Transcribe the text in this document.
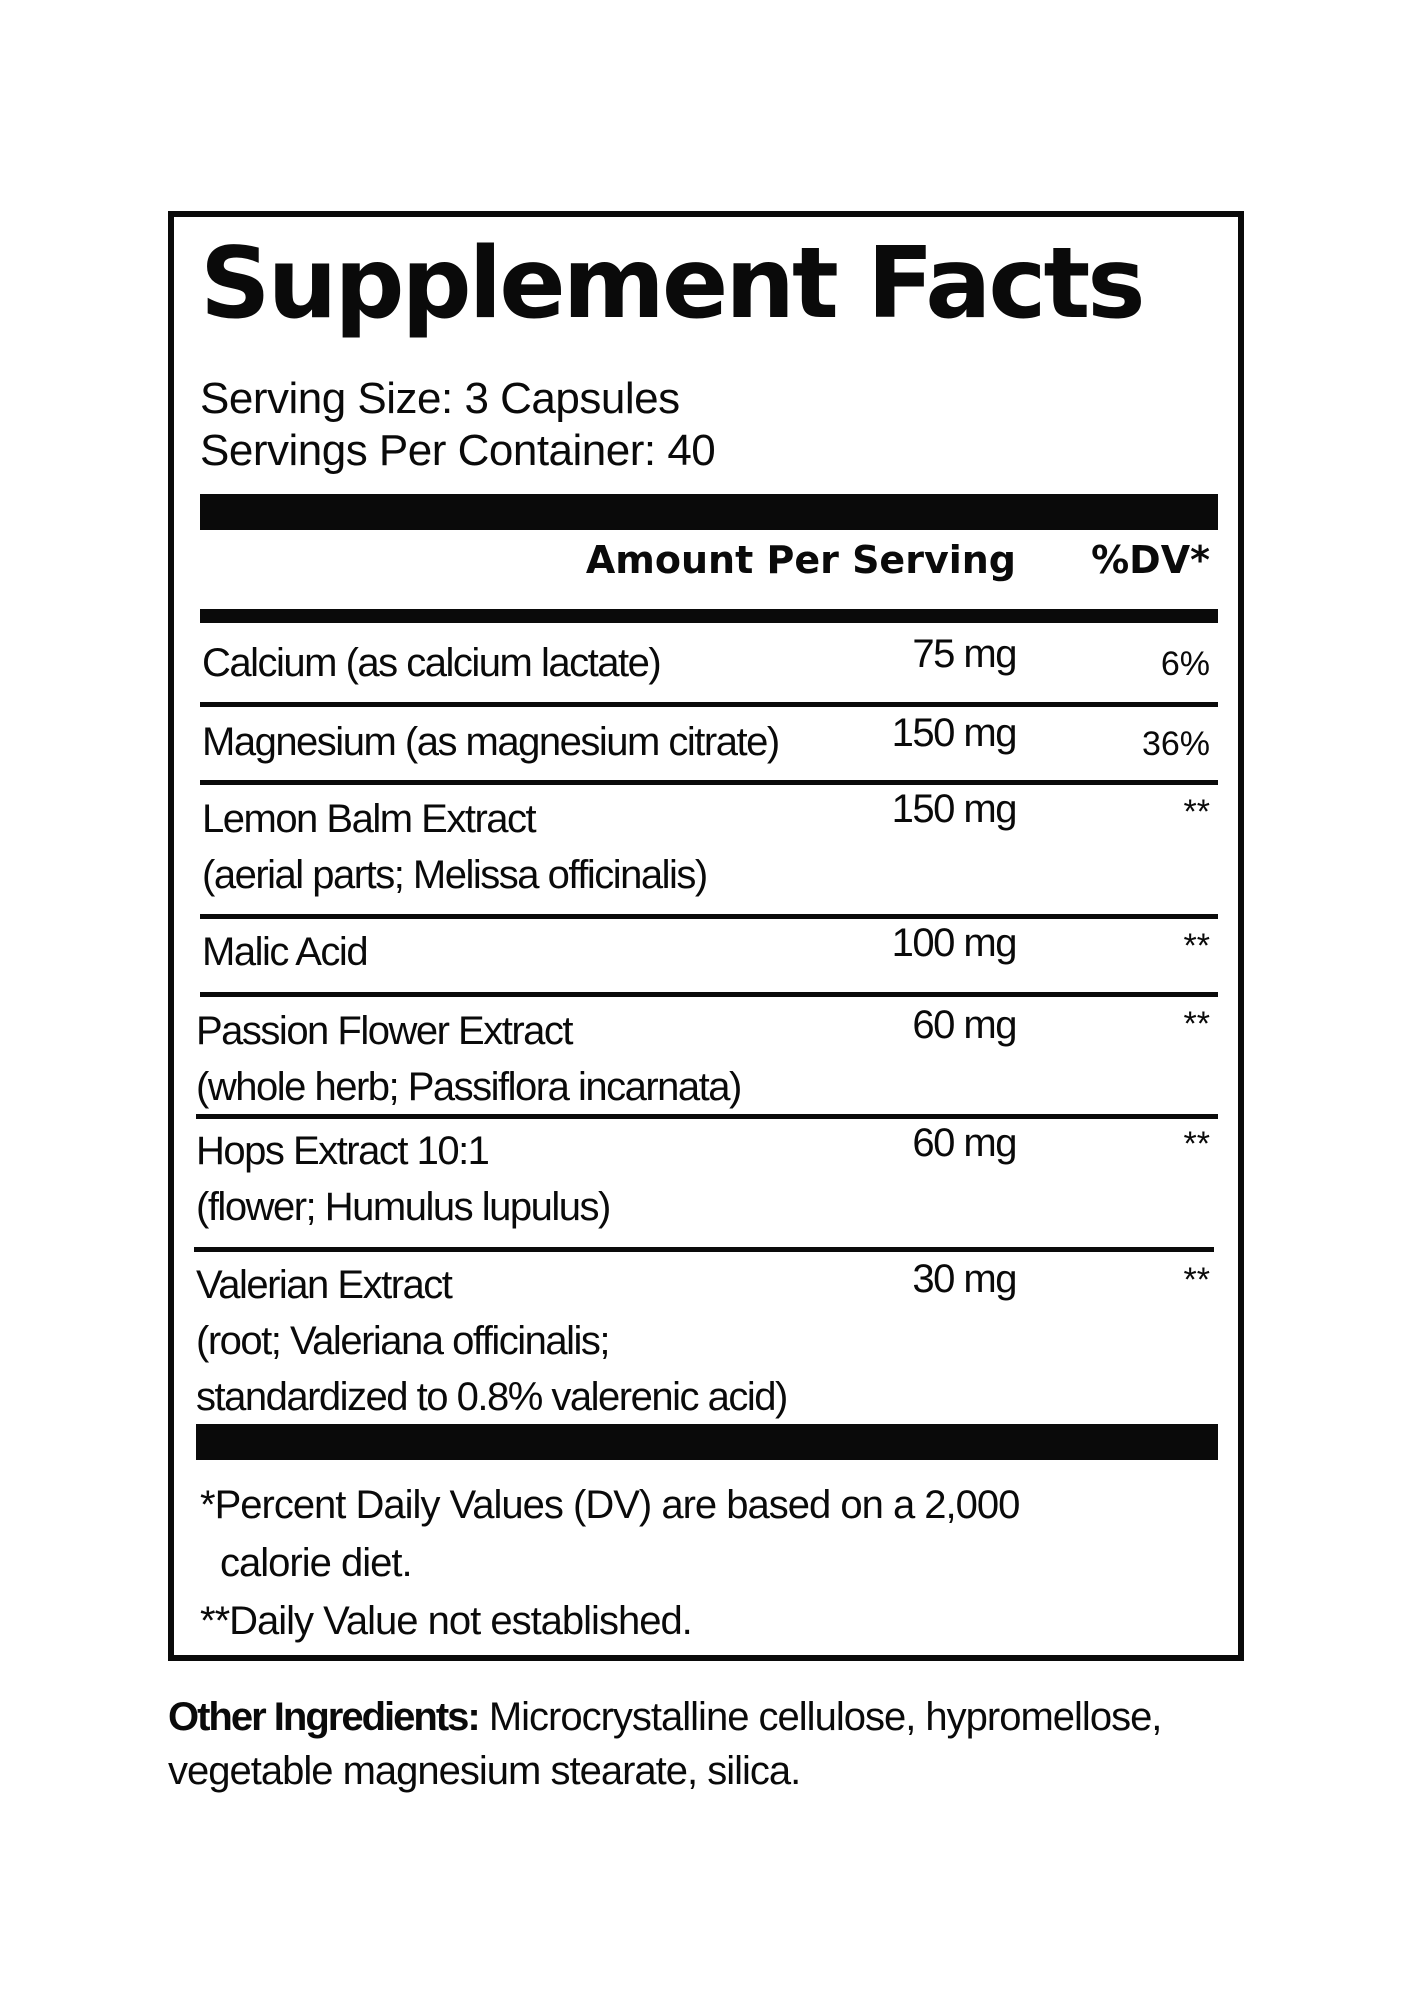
Supplement Facts
Serving Size: 3 Capsules
Servings Per Container: 40
Amount Per Serving %DV*
Calcium (as calcium lactate)	75 mg	6%
Magnesium (as magnesium citrate)	150 mg	36%
Lemon Balm Extract
(aerial parts; Melissa officinalis)
150 mg	**
Malic Acid	100 mg	**
Passion Flower Extract
(whole herb; Passiflora incarnata)
60 mg	**
Hops Extract 10:1
(flower; Humulus lupulus)
60 mg	**
Valerian Extract
(root; Valeriana officinalis;
standardized to 0.8% valerenic acid)
30 mg	**
*Percent Daily Values (DV) are based on a 2,000
calorie diet.
**Daily Value not established.
Other Ingredients: Microcrystalline cellulose, hypromellose, vegetable magnesium stearate, silica.
